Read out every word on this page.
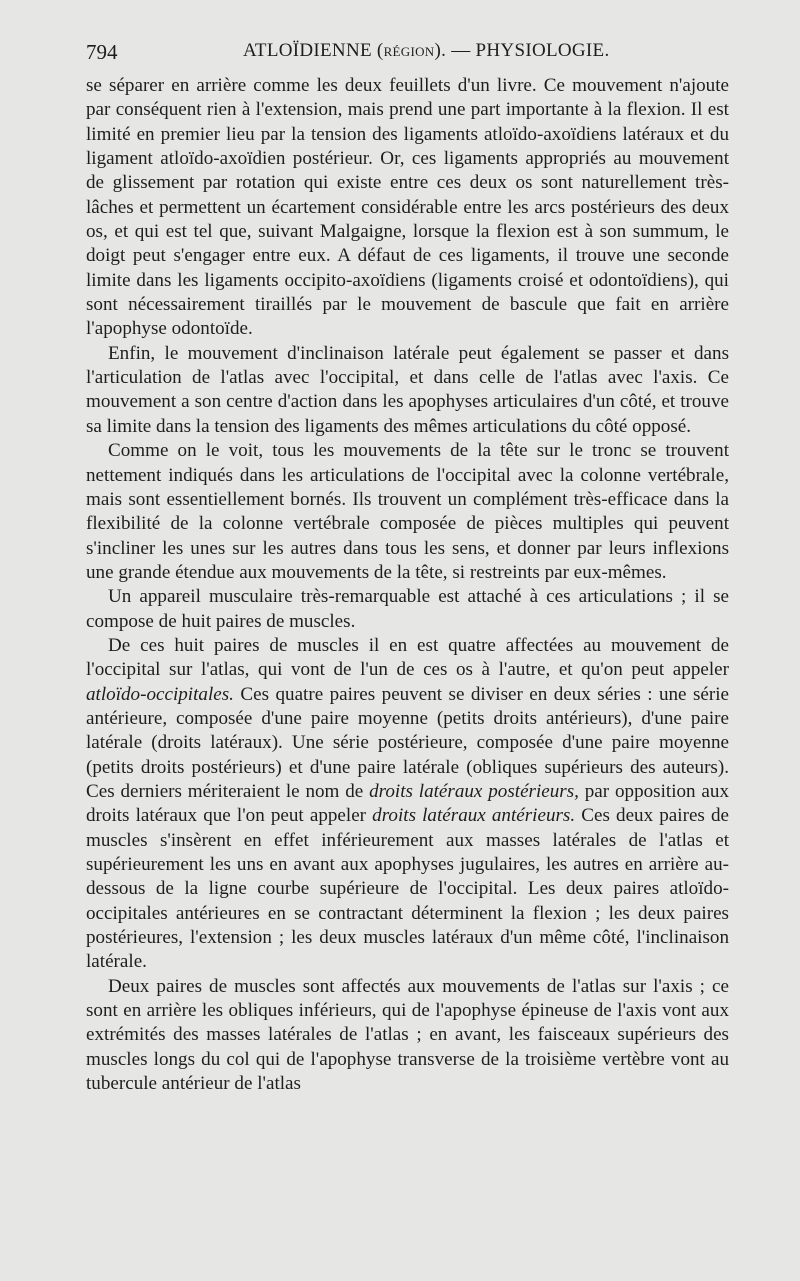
794	ATLOÏDIENNE (RÉGION). — PHYSIOLOGIE.

se séparer en arrière comme les deux feuillets d'un livre. Ce mouvement n'ajoute par conséquent rien à l'extension, mais prend une part importante à la flexion. Il est limité en premier lieu par la tension des ligaments atloïdo-axoïdiens latéraux et du ligament atloïdo-axoïdien postérieur. Or, ces ligaments appropriés au mouvement de glissement par rotation qui existe entre ces deux os sont naturellement très-lâches et permettent un écartement considérable entre les arcs postérieurs des deux os, et qui est tel que, suivant Malgaigne, lorsque la flexion est à son summum, le doigt peut s'engager entre eux. A défaut de ces ligaments, il trouve une seconde limite dans les ligaments occipito-axoïdiens (ligaments croisé et odontoïdiens), qui sont nécessairement tiraillés par le mouvement de bascule que fait en arrière l'apophyse odontoïde.

Enfin, le mouvement d'inclinaison latérale peut également se passer et dans l'articulation de l'atlas avec l'occipital, et dans celle de l'atlas avec l'axis. Ce mouvement a son centre d'action dans les apophyses articulaires d'un côté, et trouve sa limite dans la tension des ligaments des mêmes articulations du côté opposé.

Comme on le voit, tous les mouvements de la tête sur le tronc se trouvent nettement indiqués dans les articulations de l'occipital avec la colonne vertébrale, mais sont essentiellement bornés. Ils trouvent un complément très-efficace dans la flexibilité de la colonne vertébrale composée de pièces multiples qui peuvent s'incliner les unes sur les autres dans tous les sens, et donner par leurs inflexions une grande étendue aux mouvements de la tête, si restreints par eux-mêmes.

Un appareil musculaire très-remarquable est attaché à ces articulations ; il se compose de huit paires de muscles.

De ces huit paires de muscles il en est quatre affectées au mouvement de l'occipital sur l'atlas, qui vont de l'un de ces os à l'autre, et qu'on peut appeler atloïdo-occipitales. Ces quatre paires peuvent se diviser en deux séries : une série antérieure, composée d'une paire moyenne (petits droits antérieurs), d'une paire latérale (droits latéraux). Une série postérieure, composée d'une paire moyenne (petits droits postérieurs) et d'une paire latérale (obliques supérieurs des auteurs). Ces derniers mériteraient le nom de droits latéraux postérieurs, par opposition aux droits latéraux que l'on peut appeler droits latéraux antérieurs. Ces deux paires de muscles s'insèrent en effet inférieurement aux masses latérales de l'atlas et supérieurement les uns en avant aux apophyses jugulaires, les autres en arrière au-dessous de la ligne courbe supérieure de l'occipital. Les deux paires atloïdo-occipitales antérieures en se contractant déterminent la flexion ; les deux paires postérieures, l'extension ; les deux muscles latéraux d'un même côté, l'inclinaison latérale.

Deux paires de muscles sont affectés aux mouvements de l'atlas sur l'axis ; ce sont en arrière les obliques inférieurs, qui de l'apophyse épineuse de l'axis vont aux extrémités des masses latérales de l'atlas ; en avant, les faisceaux supérieurs des muscles longs du col qui de l'apophyse transverse de la troisième vertèbre vont au tubercule antérieur de l'atlas
